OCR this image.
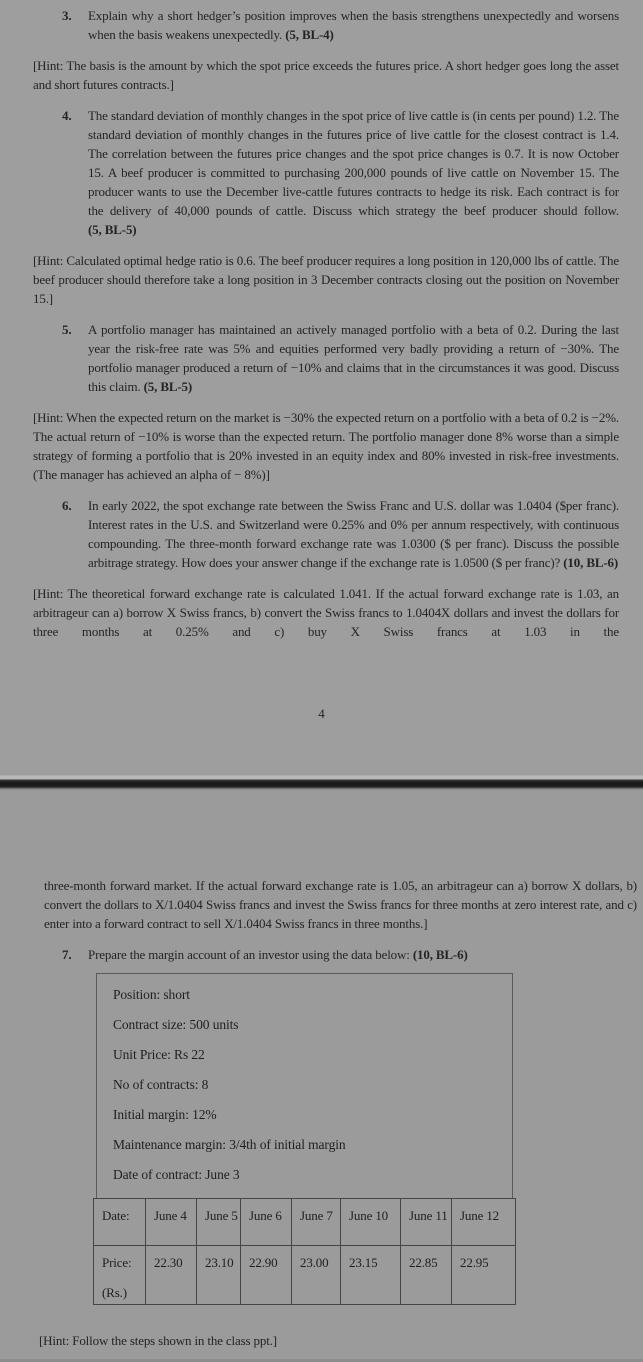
3. Explain why a short hedger’s position improves when the basis strengthens unexpectedly and worsens when the basis weakens unexpectedly. (5, BL-4)

[Hint: The basis is the amount by which the spot price exceeds the futures price. A short hedger goes long the asset and short futures contracts.]

4. The standard deviation of monthly changes in the spot price of live cattle is (in cents per pound) 1.2. The standard deviation of monthly changes in the futures price of live cattle for the closest contract is 1.4. The correlation between the futures price changes and the spot price changes is 0.7. It is now October 15. A beef producer is committed to purchasing 200,000 pounds of live cattle on November 15. The producer wants to use the December live-cattle futures contracts to hedge its risk. Each contract is for the delivery of 40,000 pounds of cattle. Discuss which strategy the beef producer should follow. (5, BL-5)

[Hint: Calculated optimal hedge ratio is 0.6. The beef producer requires a long position in 120,000 lbs of cattle. The beef producer should therefore take a long position in 3 December contracts closing out the position on November 15.]

5. A portfolio manager has maintained an actively managed portfolio with a beta of 0.2. During the last year the risk-free rate was 5% and equities performed very badly providing a return of −30%. The portfolio manager produced a return of −10% and claims that in the circumstances it was good. Discuss this claim. (5, BL-5)

[Hint: When the expected return on the market is −30% the expected return on a portfolio with a beta of 0.2 is −2%. The actual return of −10% is worse than the expected return. The portfolio manager done 8% worse than a simple strategy of forming a portfolio that is 20% invested in an equity index and 80% invested in risk-free investments. (The manager has achieved an alpha of − 8%)]

6. In early 2022, the spot exchange rate between the Swiss Franc and U.S. dollar was 1.0404 ($per franc). Interest rates in the U.S. and Switzerland were 0.25% and 0% per annum respectively, with continuous compounding. The three-month forward exchange rate was 1.0300 ($ per franc). Discuss the possible arbitrage strategy. How does your answer change if the exchange rate is 1.0500 ($ per franc)? (10, BL-6)

[Hint: The theoretical forward exchange rate is calculated 1.041. If the actual forward exchange rate is 1.03, an arbitrageur can a) borrow X Swiss francs, b) convert the Swiss francs to 1.0404X dollars and invest the dollars for three months at 0.25% and c) buy X Swiss francs at 1.03 in the

4

three-month forward market. If the actual forward exchange rate is 1.05, an arbitrageur can a) borrow X dollars, b) convert the dollars to X/1.0404 Swiss francs and invest the Swiss francs for three months at zero interest rate, and c) enter into a forward contract to sell X/1.0404 Swiss francs in three months.]

7. Prepare the margin account of an investor using the data below: (10, BL-6)
Position: short
Contract size: 500 units
Unit Price: Rs 22
No of contracts: 8
Initial margin: 12%
Maintenance margin: 3/4th of initial margin
Date of contract: June 3
Date:	June 4	June 5	June 6	June 7	June 10	June 11	June 12

Price:
(Rs.)	22.30	23.10	22.90	23.00	23.15	22.85	22.95

[Hint: Follow the steps shown in the class ppt.]
